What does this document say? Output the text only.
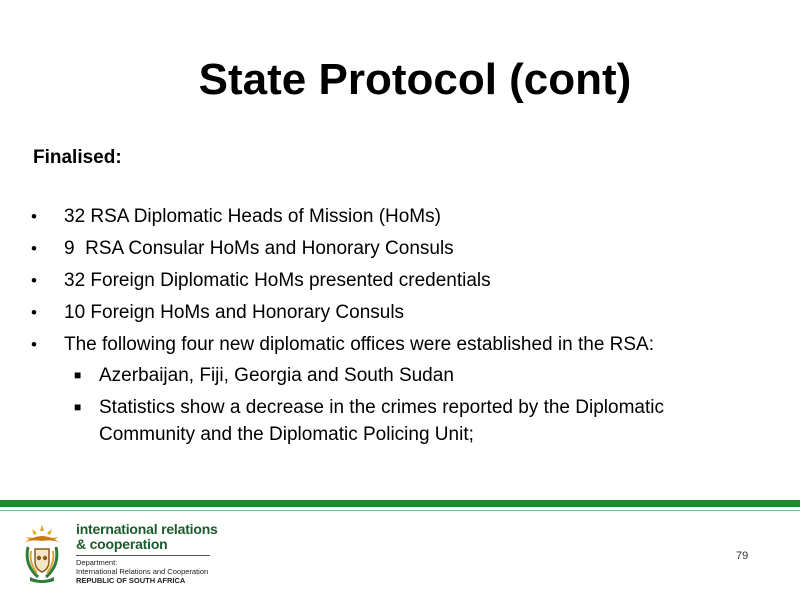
State Protocol (cont)
Finalised:
• 32 RSA Diplomatic Heads of Mission (HoMs)
• 9  RSA Consular HoMs and Honorary Consuls
• 32 Foreign Diplomatic HoMs presented credentials
• 10 Foreign HoMs and Honorary Consuls
• The following four new diplomatic offices were established in the RSA:
■ Azerbaijan, Fiji, Georgia and South Sudan
■ Statistics show a decrease in the crimes reported by the Diplomatic Community and the Diplomatic Policing Unit;
international relations
& cooperation
Department:
International Relations and Cooperation
REPUBLIC OF SOUTH AFRICA
79
